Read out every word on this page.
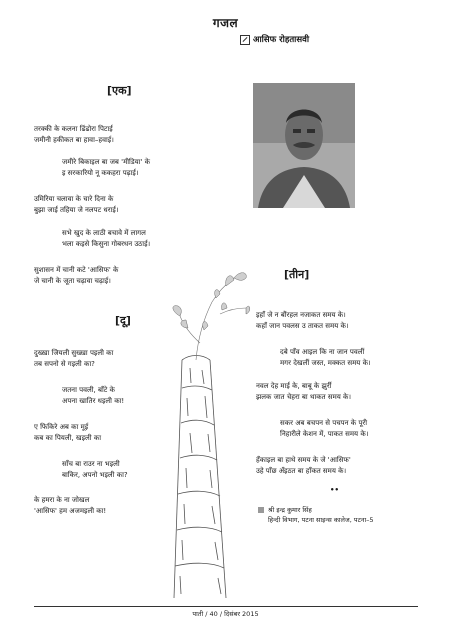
गजल
आसिफ रोहतासवी
[एक]
तरक्की के कलना ढिंढोरा पिटाई
जमीनी हकीकत बा हावा–हवाई।
जमीरे बिकाइल बा जब 'मीडिया' के
इ सरकारियो नू ककहरा पढ़ाई।
उमिरिया चलावा के चारे दिना के
बुझा जाई तहिया जे नलपट धराई।
सभे खुद के लाठी बचावे में लागल
भला कइसे किसुना गोबरधन उठाई।
सुशासन में चानी कटे 'आसिफ' के
जे चानी के जूता चढ़ावा चढ़ाई।
[दू]
दुख्खा जियली सुख्खा पइली का
तब सपनो से गइली का?
जतना पवली, बाँटे के
अपना खातिर धइली का!
ए फिकिरे अब का मूई
कब का पियली, खइली का
साँच बा राउर ना भइली
बाकिर, अपनो भइली का?
के हमरा के ना जोखल
'आसिफ' हम अजमइली का!
[तीन]
इहाँ जे न बौंरहल नजाकत समय के।
कहाँ जान पवलस उ ताकत समय के।
दबे पाँव आइल कि ना जान पवलीं
मगर देखलीं जस्त, मक्कत समय के।
नवल देह माई के, बाबू के झुर्री
झलक जात चेहरा बा थाकत समय के।
सकर अब बचपन से पचपन के पूरी
निहारीले केशन में, पाकत समय के।
हँकाइल बा हाथे समय के जे 'आसिफ'
उहे पाँछ अँइठत बा हाँकत समय के।
••
श्री इन्द्र कुमार सिंह
हिन्दी विभाग, पटना साइन्स कालेज, पटना–5
पाती / 40 / दिसंबर 2015
